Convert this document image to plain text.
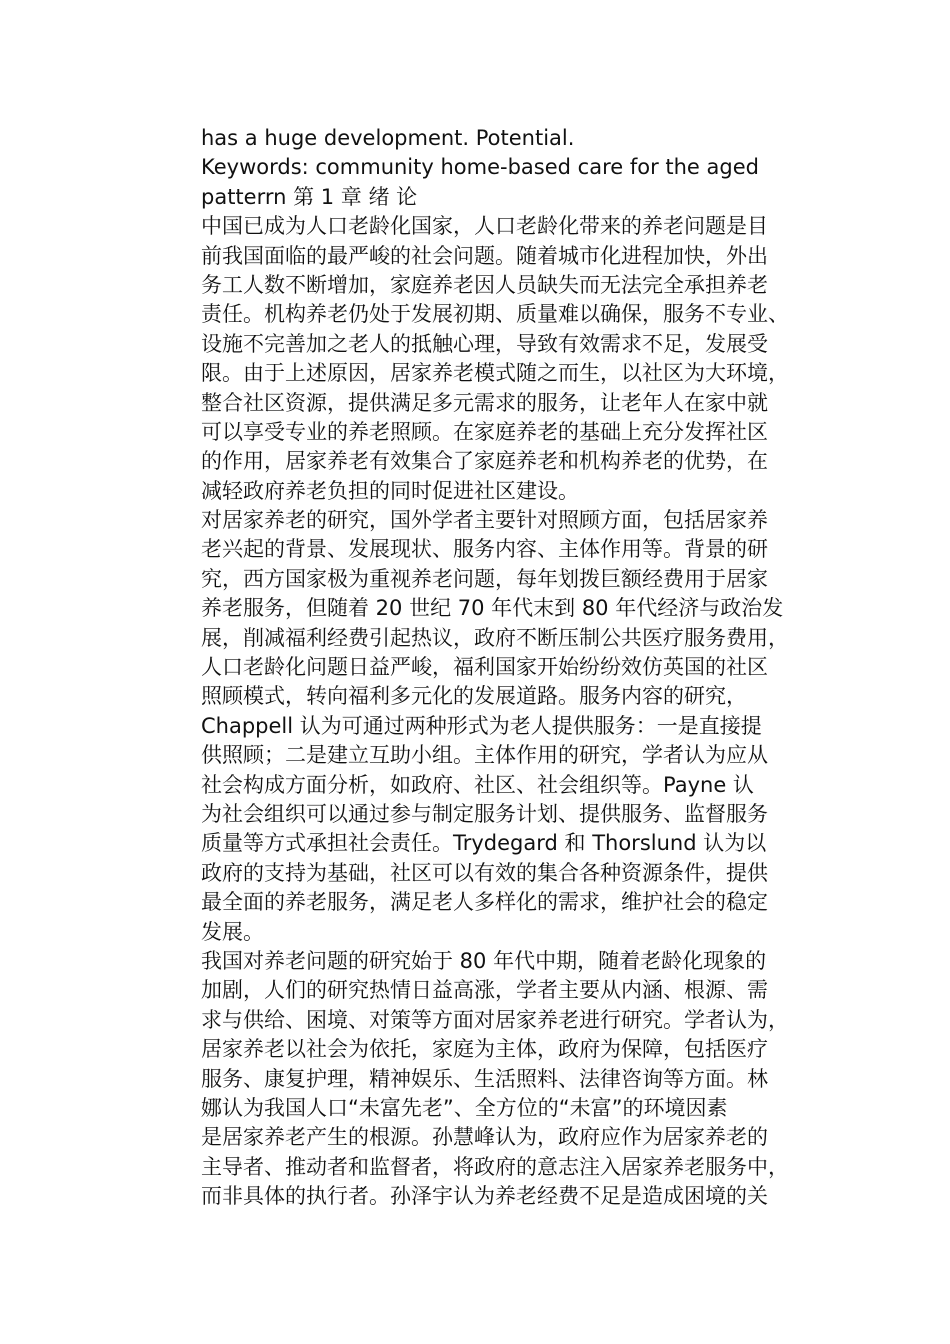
has a huge development. Potential.
Keywords: community home-based care for the aged
patterrn 第 1 章 绪 论
中国已成为人口老龄化国家，人口老龄化带来的养老问题是目
前我国面临的最严峻的社会问题。随着城市化进程加快，外出
务工人数不断增加，家庭养老因人员缺失而无法完全承担养老
责任。机构养老仍处于发展初期、质量难以确保，服务不专业、
设施不完善加之老人的抵触心理，导致有效需求不足，发展受
限。由于上述原因，居家养老模式随之而生，以社区为大环境，
整合社区资源，提供满足多元需求的服务，让老年人在家中就
可以享受专业的养老照顾。在家庭养老的基础上充分发挥社区
的作用，居家养老有效集合了家庭养老和机构养老的优势，在
减轻政府养老负担的同时促进社区建设。
对居家养老的研究，国外学者主要针对照顾方面，包括居家养
老兴起的背景、发展现状、服务内容、主体作用等。背景的研
究，西方国家极为重视养老问题，每年划拨巨额经费用于居家
养老服务，但随着 20 世纪 70 年代末到 80 年代经济与政治发
展，削减福利经费引起热议，政府不断压制公共医疗服务费用，
人口老龄化问题日益严峻，福利国家开始纷纷效仿英国的社区
照顾模式，转向福利多元化的发展道路。服务内容的研究，
Chappell 认为可通过两种形式为老人提供服务：一是直接提
供照顾；二是建立互助小组。主体作用的研究，学者认为应从
社会构成方面分析，如政府、社区、社会组织等。Payne 认
为社会组织可以通过参与制定服务计划、提供服务、监督服务
质量等方式承担社会责任。Trydegard 和 Thorslund 认为以
政府的支持为基础，社区可以有效的集合各种资源条件，提供
最全面的养老服务，满足老人多样化的需求，维护社会的稳定
发展。
我国对养老问题的研究始于 80 年代中期，随着老龄化现象的
加剧，人们的研究热情日益高涨，学者主要从内涵、根源、需
求与供给、困境、对策等方面对居家养老进行研究。学者认为，
居家养老以社会为依托，家庭为主体，政府为保障，包括医疗
服务、康复护理，精神娱乐、生活照料、法律咨询等方面。林
娜认为我国人口“未富先老”、全方位的“未富”的环境因素
是居家养老产生的根源。孙慧峰认为，政府应作为居家养老的
主导者、推动者和监督者，将政府的意志注入居家养老服务中，
而非具体的执行者。孙泽宇认为养老经费不足是造成困境的关
